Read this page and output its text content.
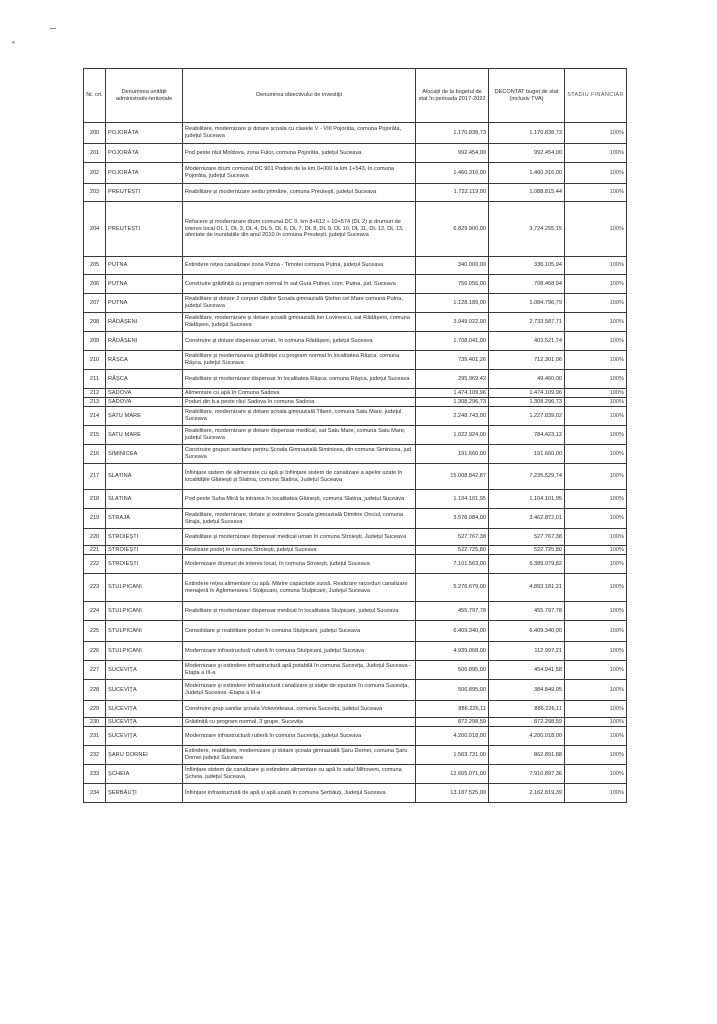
•
Nr. crt.	Denumirea unității administrativ-teritoriale	Denumirea obiectivului de investiții	Alocații de la bugetul de stat în perioada 2017-2022	DECONTAT buget de stat (inclusiv TVA)	STADIU FINANCIAR
200	POJORÂTA	Reabilitare, modernizare și dotare școala cu clasele V - VIII Pojorâta, comuna Pojorâta, județul Suceava	1.170.838,73	1.170.838,73	100%
201	POJORÂTA	Pod peste râul Moldova, zona Fulor, comuna Pojorâta, județul Suceava	992.454,00	992.454,00	100%
202	POJORÂTA	Modernizare drum comunal DC 901 Podirei de la km 0+000 la km 1+543, în comuna Pojorâta, județul Suceava	1.460.316,00	1.460.316,00	100%
203	PREUTEȘTI	Reabilitare și modernizare sediu primărie, comuna Preutești, județul Suceava	1.722.119,00	1.088.815,44	100%
204	PREUTEȘTI	Refacere și modernizare drum comunal DC 9, km 8+612 ÷ 10+574 (DL 2) și drumuri de interes local DL 1, DL 3, DL 4, DL 5, DL 6, DL 7, DL 8, DL 9, DL 10, DL 11, DL 12, DL 13, afectate de inundațiile din anul 2010 în comuna Preutești, județul Suceava	6.829.900,00	3.724.255,15	100%
205	PUTNA	Extindere rețea canalizare zona Putna - Timotei comuna Putna, județul Suceava	340.000,00	336.105,94	100%
206	PUTNA	Construire grădiniță cu program normal în sat Gura Putnei, com. Putna, jud. Suceava	756.056,00	708.468,94	100%
207	PUTNA	Reabilitare și dotare 2 corpuri clădire Școala gimnazială Ștefan cel Mare comuna Putna, județul Suceava	1.128.189,00	1.084.796,79	100%
208	RĂDĂȘENI	Reabilitare, modernizare și dotare școală gimnazială Ion Lovinescu, sat Rădășeni, comuna Rădășeni, județul Suceava	3.949.022,00	2.733.587,71	100%
209	RĂDĂȘENI	Construire și dotare dispensar uman, în comuna Rădășeni, județul Suceava	1.708.041,00	403.521,74	100%
210	RÂȘCA	Reabilitare și modernizarea grădiniței cu program normal în localitatea Râșca, comuna Râșca, județul Suceava	739.401,26	712.301,06	100%
211	RÂȘCA	Reabilitare și modernizare dispensar în localitatea Râșca, comuna Râșca, județul Suceava	295.969,42	49.460,00	100%
212	SADOVA	Alimentare cu apă în Comuna Sadova	1.474.109,96	1.474.109,96	100%
213	SADOVA	Poduri din b.a peste râul Sadova în comuna Sadova	1.308.296,73	1.308.296,73	100%
214	SATU MARE	Reabilitare, modernizare și dotare școala gimnazială Tibeni, comuna Satu Mare, județul Suceava	2.248.743,00	1.227.839,02	100%
215	SATU MARE	Reabilitare, modernizare și dotare dispensar medical, sat Satu Mare, comuna Satu Mare, județul Suceava	1.022.924,00	784.423,12	100%
216	SIMINICEA	Construire grupuri sanitare pentru Școala Gimnazială Siminicea, din comuna Siminicea, jud. Suceava	191.660,00	191.660,00	100%
217	SLATINA	Înființare sistem de alimentare cu apă și înființare sistem de canalizare a apelor uzate în localitățile Găinești și Slatina, comuna Slatina, Județul Suceava	15.008.842,87	7.235.529,74	100%
218	SLATINA	Pod peste Suha Mică la intrarea în localitatea Găinești, comuna Slatina, județul Suceava	1.104.101,95	1.104.101,95	100%
219	STRAJA	Reabilitare, modernizare, dotare și extindere Școala gimnazială Dimitrie Onciul, comuna Straja, județul Suceava	3.578.084,00	3.462.872,01	100%
220	STROIEȘTI	Reabilitare și modernizare dispensar medical uman în comuna Stroiești, Județul Suceava	527.767,38	527.767,38	100%
221	STROIEȘTI	Realizare podeț în comuna Stroiești, județul Suceava	522.725,80	522.725,80	100%
222	STROIEȘTI	Modernizare drumuri de interes local, în comuna Stroiești, județul Suceava	7.101.563,00	6.389.079,82	100%
223	STULPICANI	Extindere rețea alimentare cu apă. Mărire capacitate sursă. Realizare racorduri canalizare menajeră în Aglomerarea I Stulpicani, comuna Stulpicani, Județul Suceava	5.276.679,00	4.893.181,21	100%
224	STULPICANI	Reabilitare și modernizare dispensar medical în localitatea Stulpicani, județul Suceava	455.797,78	455.797,78	100%
225	STULPICANI	Consolidare și reabilitare poduri în comuna Stulpicani, județul Suceava	6.409.340,00	6.409.340,00	100%
226	STULPICANI	Modernizare infrastructură rutieră în comuna Stulpicani, județul Suceava	4.939.068,00	112.997,21	100%
227	SUCEVIȚA	Modernizare și extindere infrastructură apă potabilă în comuna Sucevița, Județul Suceava -Etapa a III-a	506.895,00	454.941,58	100%
228	SUCEVIȚA	Modernizare și extindere infrastructură canalizare și stație de epurare în comuna Sucevița, Județul Suceava -Etapa a III-a	506.895,00	384.849,05	100%
229	SUCEVIȚA	Construire grup sanitar școala Voievodeasa, comuna Sucevița, județul Suceava	886.226,11	886.226,11	100%
230	SUCEVIȚA	Grădiniță cu program normal, 3 grupe, Sucevița	872.298,59	872.298,59	100%
231	SUCEVIȚA	Modernizare infrastructură rutieră în comuna Sucevița, județul Suceava	4.200.018,00	4.200.018,00	100%
232	ȘARU DORNEI	Extindere, reabilitare, modernizare și dotare școala gimnazială Șaru Dornei, comuna Șaru Dornei județul Suceava	1.563.731,00	862.891,88	100%
233	ȘCHEIA	Înființare sistem de canalizare și extindere alimentare cu apă în satul Mihoveni, comuna Șcheia, județul Suceava	12.665.071,00	7.910.897,36	100%
234	ȘERBĂUȚI	Înființare infrastructură de apă și apă uzată în comuna Șerbăuți, Județul Suceava	13.187.525,00	2.162.819,39	100%
